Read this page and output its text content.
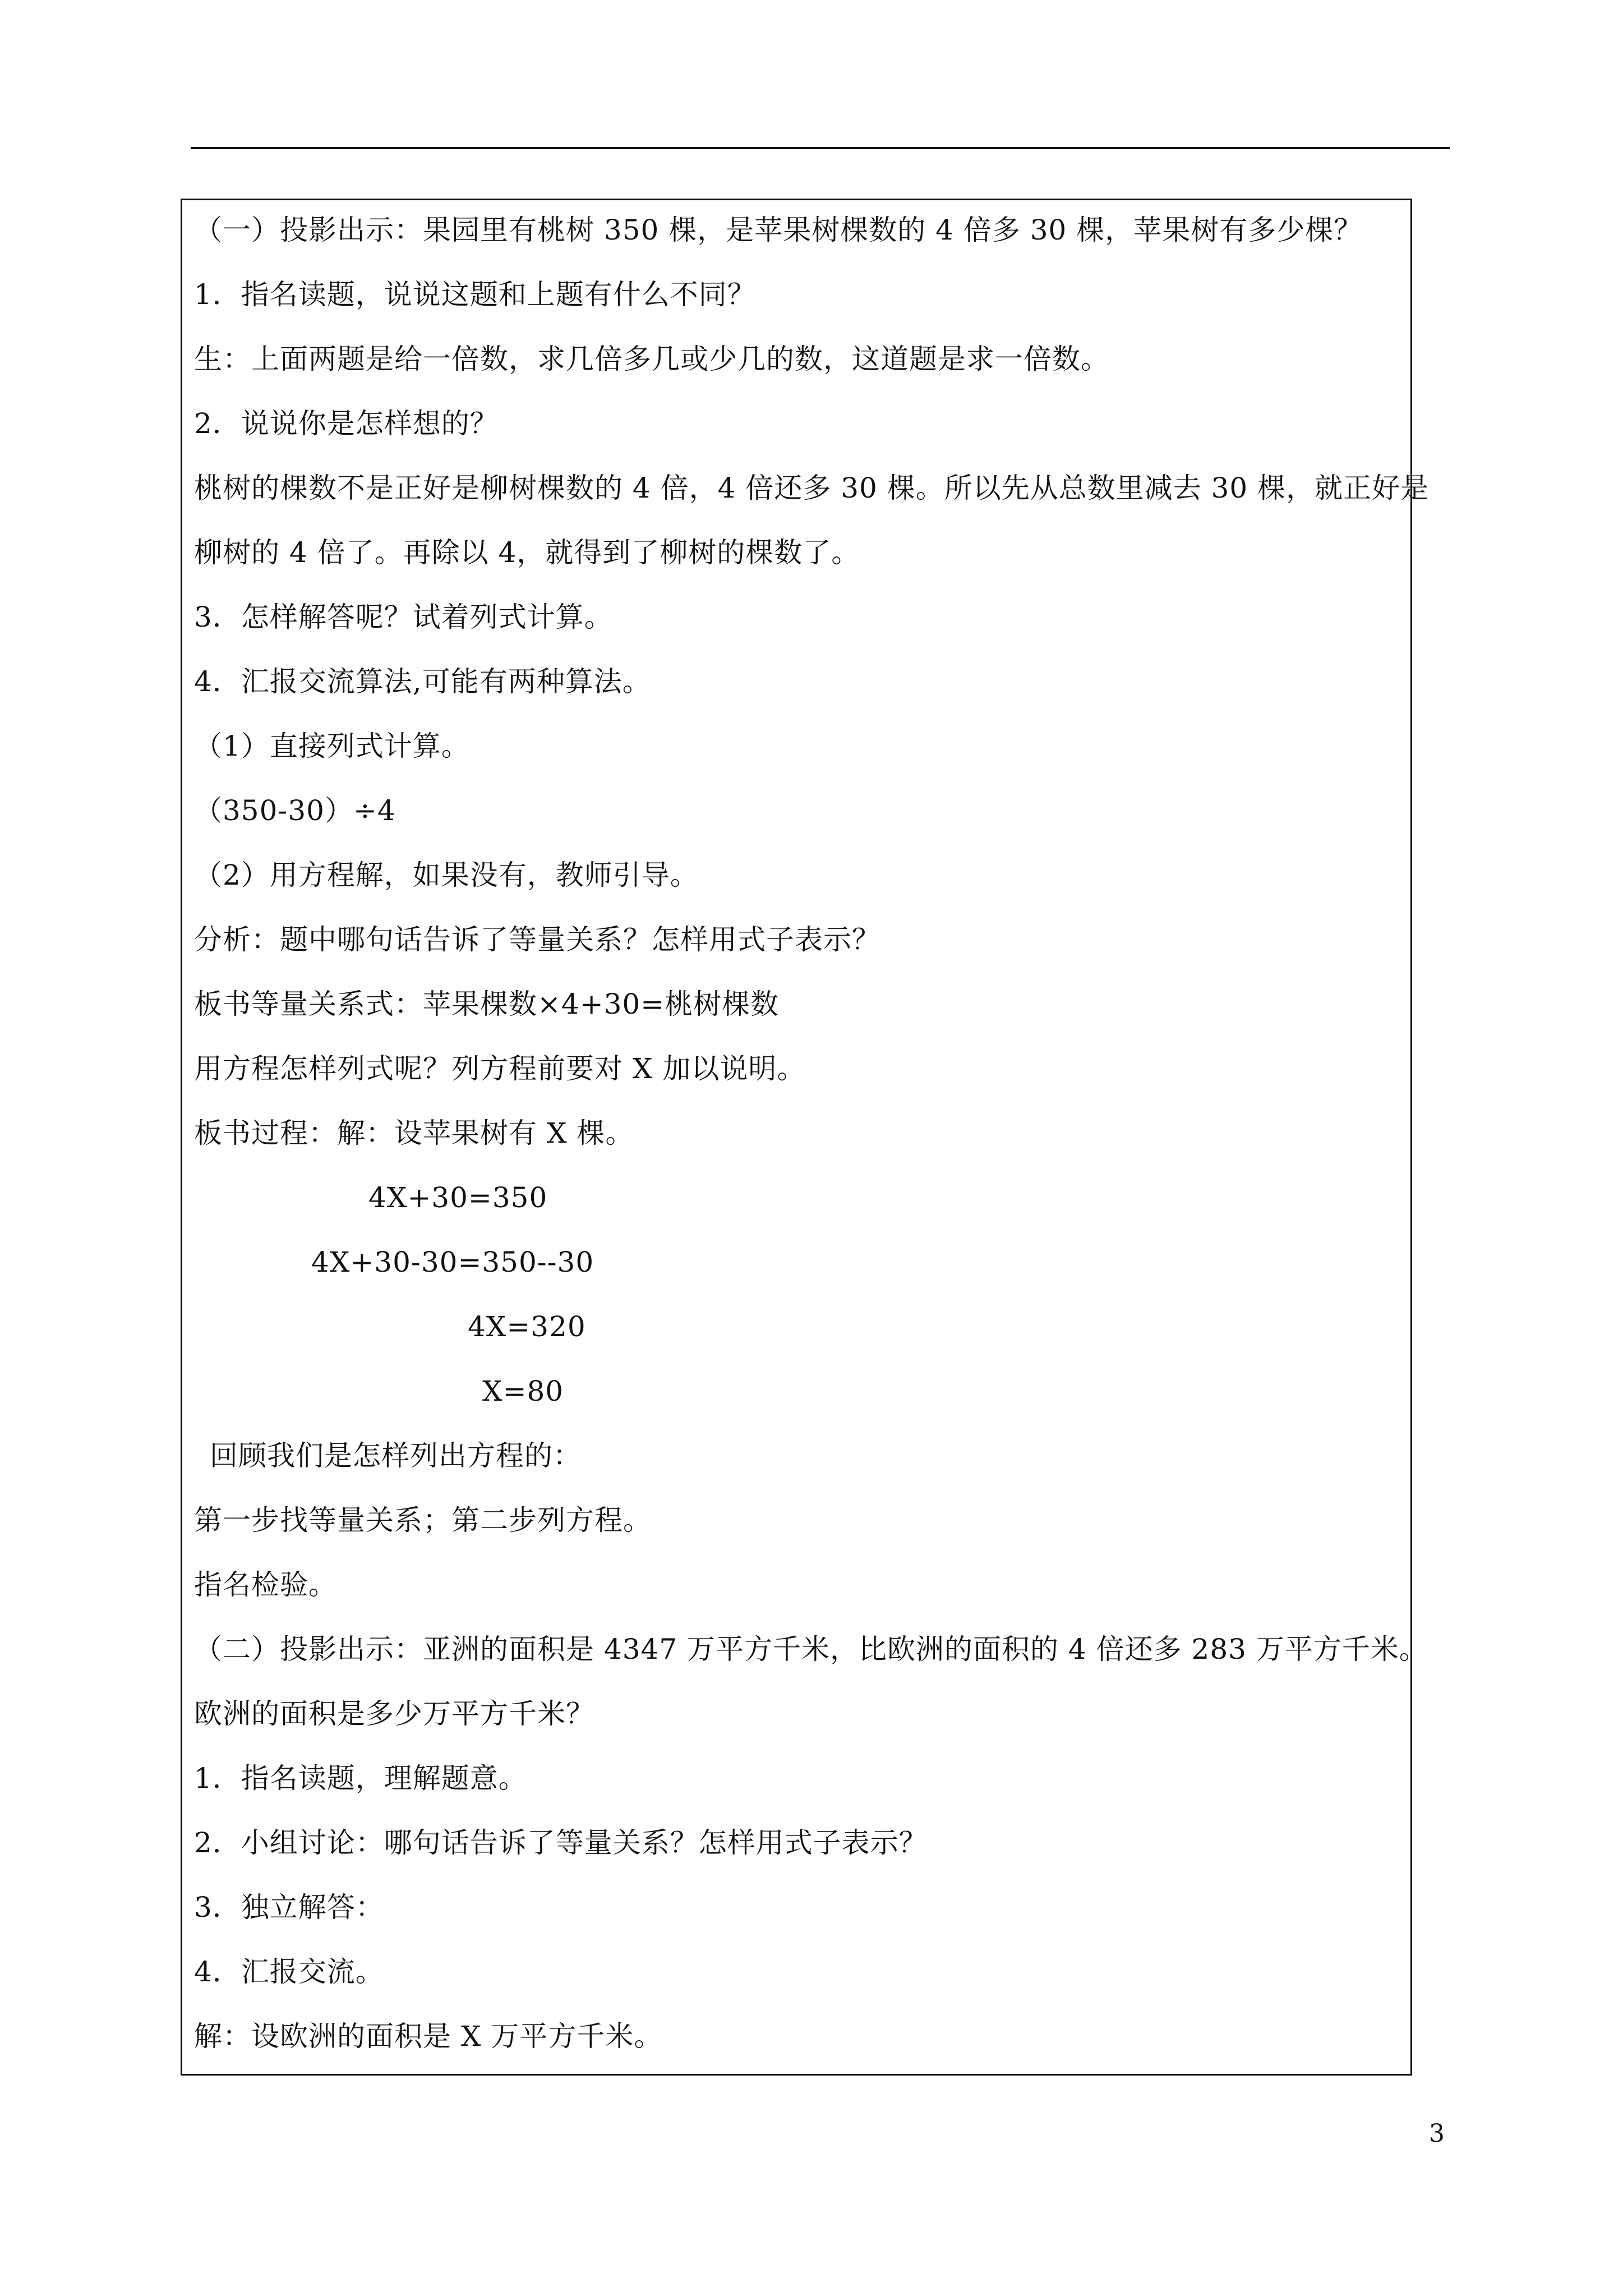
（一）投影出示：果园里有桃树 350 棵，是苹果树棵数的 4 倍多 30 棵，苹果树有多少棵？
1．指名读题，说说这题和上题有什么不同？
生：上面两题是给一倍数，求几倍多几或少几的数，这道题是求一倍数。
2．说说你是怎样想的？
桃树的棵数不是正好是柳树棵数的 4 倍，4 倍还多 30 棵。所以先从总数里减去 30 棵，就正好是
柳树的 4 倍了。再除以 4，就得到了柳树的棵数了。
3．怎样解答呢？试着列式计算。
4．汇报交流算法,可能有两种算法。
（1）直接列式计算。
（350-30）÷4
（2）用方程解，如果没有，教师引导。
分析：题中哪句话告诉了等量关系？怎样用式子表示？
板书等量关系式：苹果棵数×4+30=桃树棵数
用方程怎样列式呢？列方程前要对 X 加以说明。
板书过程：解：设苹果树有 X 棵。
4X+30=350
4X+30-30=350--30
4X=320
X=80
回顾我们是怎样列出方程的：
第一步找等量关系；第二步列方程。
指名检验。
（二）投影出示：亚洲的面积是 4347 万平方千米，比欧洲的面积的 4 倍还多 283 万平方千米。
欧洲的面积是多少万平方千米？
1．指名读题，理解题意。
2．小组讨论：哪句话告诉了等量关系？怎样用式子表示？
3．独立解答：
4．汇报交流。
解：设欧洲的面积是 X 万平方千米。
3
